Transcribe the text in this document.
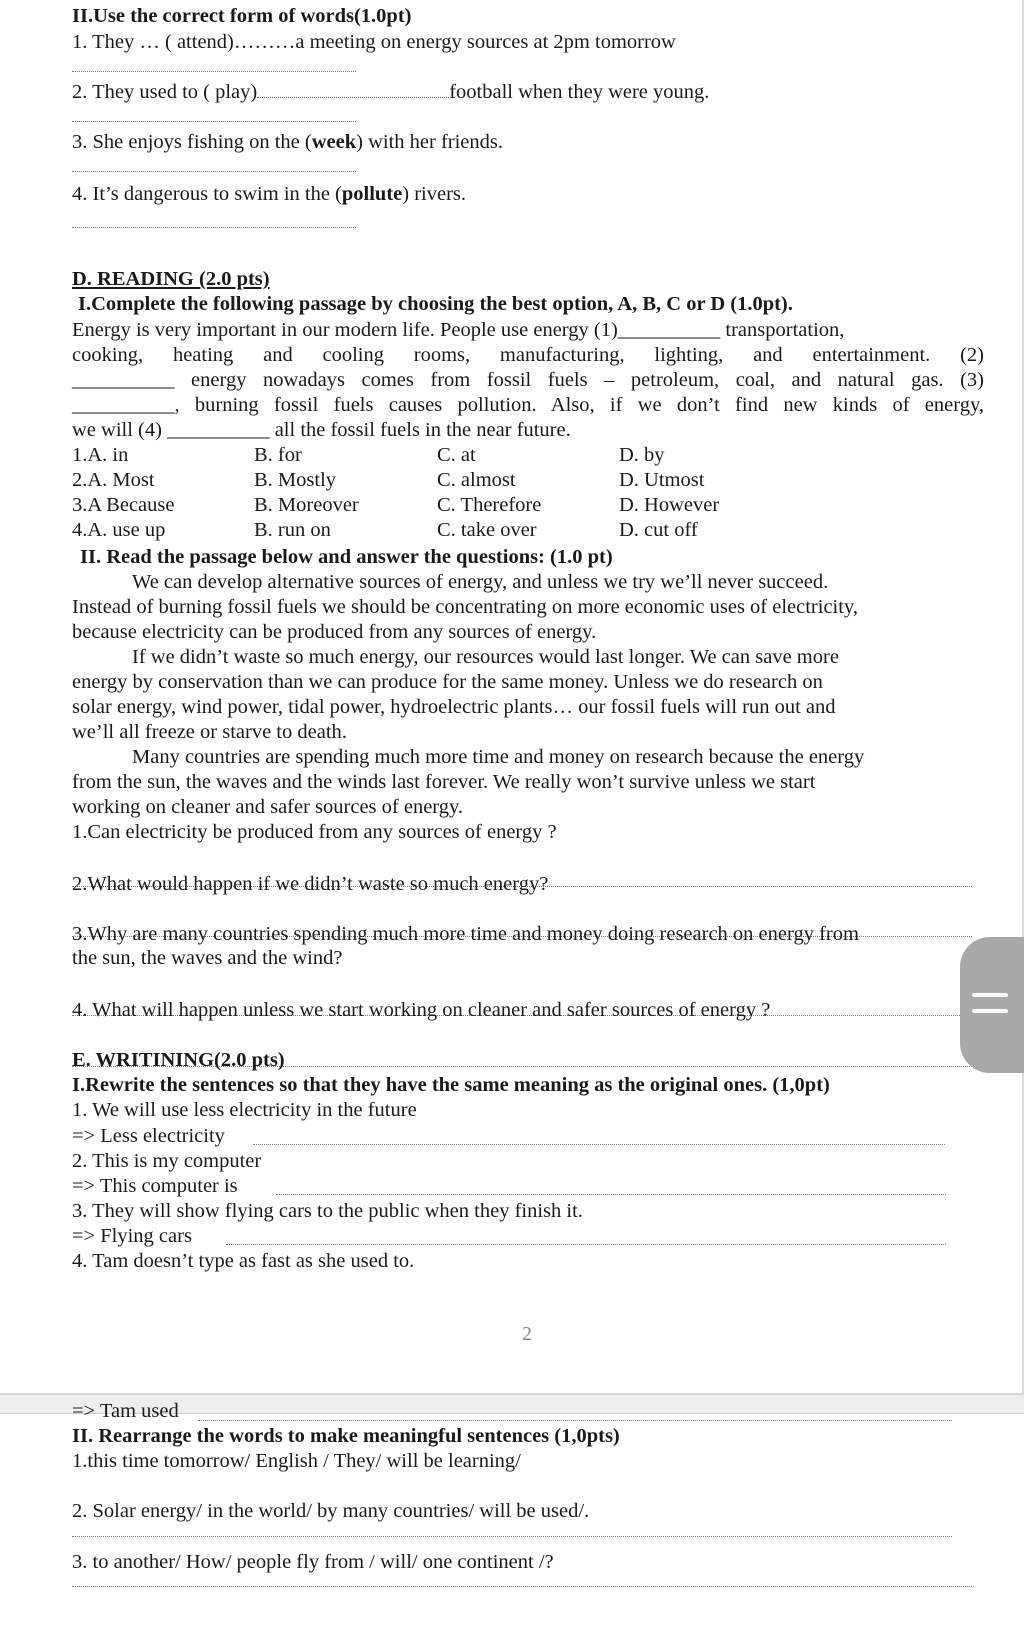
II.Use the correct form of words(1.0pt)
1. They … ( attend)………a meeting on energy sources at 2pm tomorrow
2. They used to ( play)	football when they were young.
3. She enjoys fishing on the (week) with her friends.
4. It’s dangerous to swim in the (pollute) rivers.
D. READING (2.0 pts)
I.Complete the following passage by choosing the best option, A, B, C or D (1.0pt).
Energy is very important in our modern life. People use energy (1)__________ transportation,
cooking, heating and cooling rooms, manufacturing, lighting, and entertainment. (2)
__________ energy nowadays comes from fossil fuels – petroleum, coal, and natural gas. (3)
__________, burning fossil fuels causes pollution. Also, if we don’t find new kinds of energy,
we will (4) __________ all the fossil fuels in the near future.
1.A. in	B. for	C. at	D. by
2.A. Most	B. Mostly	C. almost	D. Utmost
3.A Because	B. Moreover	C. Therefore	D. However
4.A. use up	B. run on	C. take over	D. cut off
II. Read the passage below and answer the questions: (1.0 pt)
We can develop alternative sources of energy, and unless we try we’ll never succeed.
Instead of burning fossil fuels we should be concentrating on more economic uses of electricity,
because electricity can be produced from any sources of energy.
If we didn’t waste so much energy, our resources would last longer. We can save more
energy by conservation than we can produce for the same money. Unless we do research on
solar energy, wind power, tidal power, hydroelectric plants… our fossil fuels will run out and
we’ll all freeze or starve to death.
Many countries are spending much more time and money on research because the energy
from the sun, the waves and the winds last forever. We really won’t survive unless we start
working on cleaner and safer sources of energy.
1.Can electricity be produced from any sources of energy ?
2.What would happen if we didn’t waste so much energy?
3.Why are many countries spending much more time and money doing research on energy from
the sun, the waves and the wind?
4. What will happen unless we start working on cleaner and safer sources of energy ?
E. WRITINING(2.0 pts)
I.Rewrite the sentences so that they have the same meaning as the original ones. (1,0pt)
1. We will use less electricity in the future
=> Less electricity
2. This is my computer
=> This computer is
3. They will show flying cars to the public when they finish it.
=> Flying cars
4. Tam doesn’t type as fast as she used to.
2
=> Tam used
II. Rearrange the words to make meaningful sentences (1,0pts)
1.this time tomorrow/ English / They/ will be learning/
2. Solar energy/ in the world/ by many countries/ will be used/.
3. to another/ How/ people fly from / will/ one continent /?
